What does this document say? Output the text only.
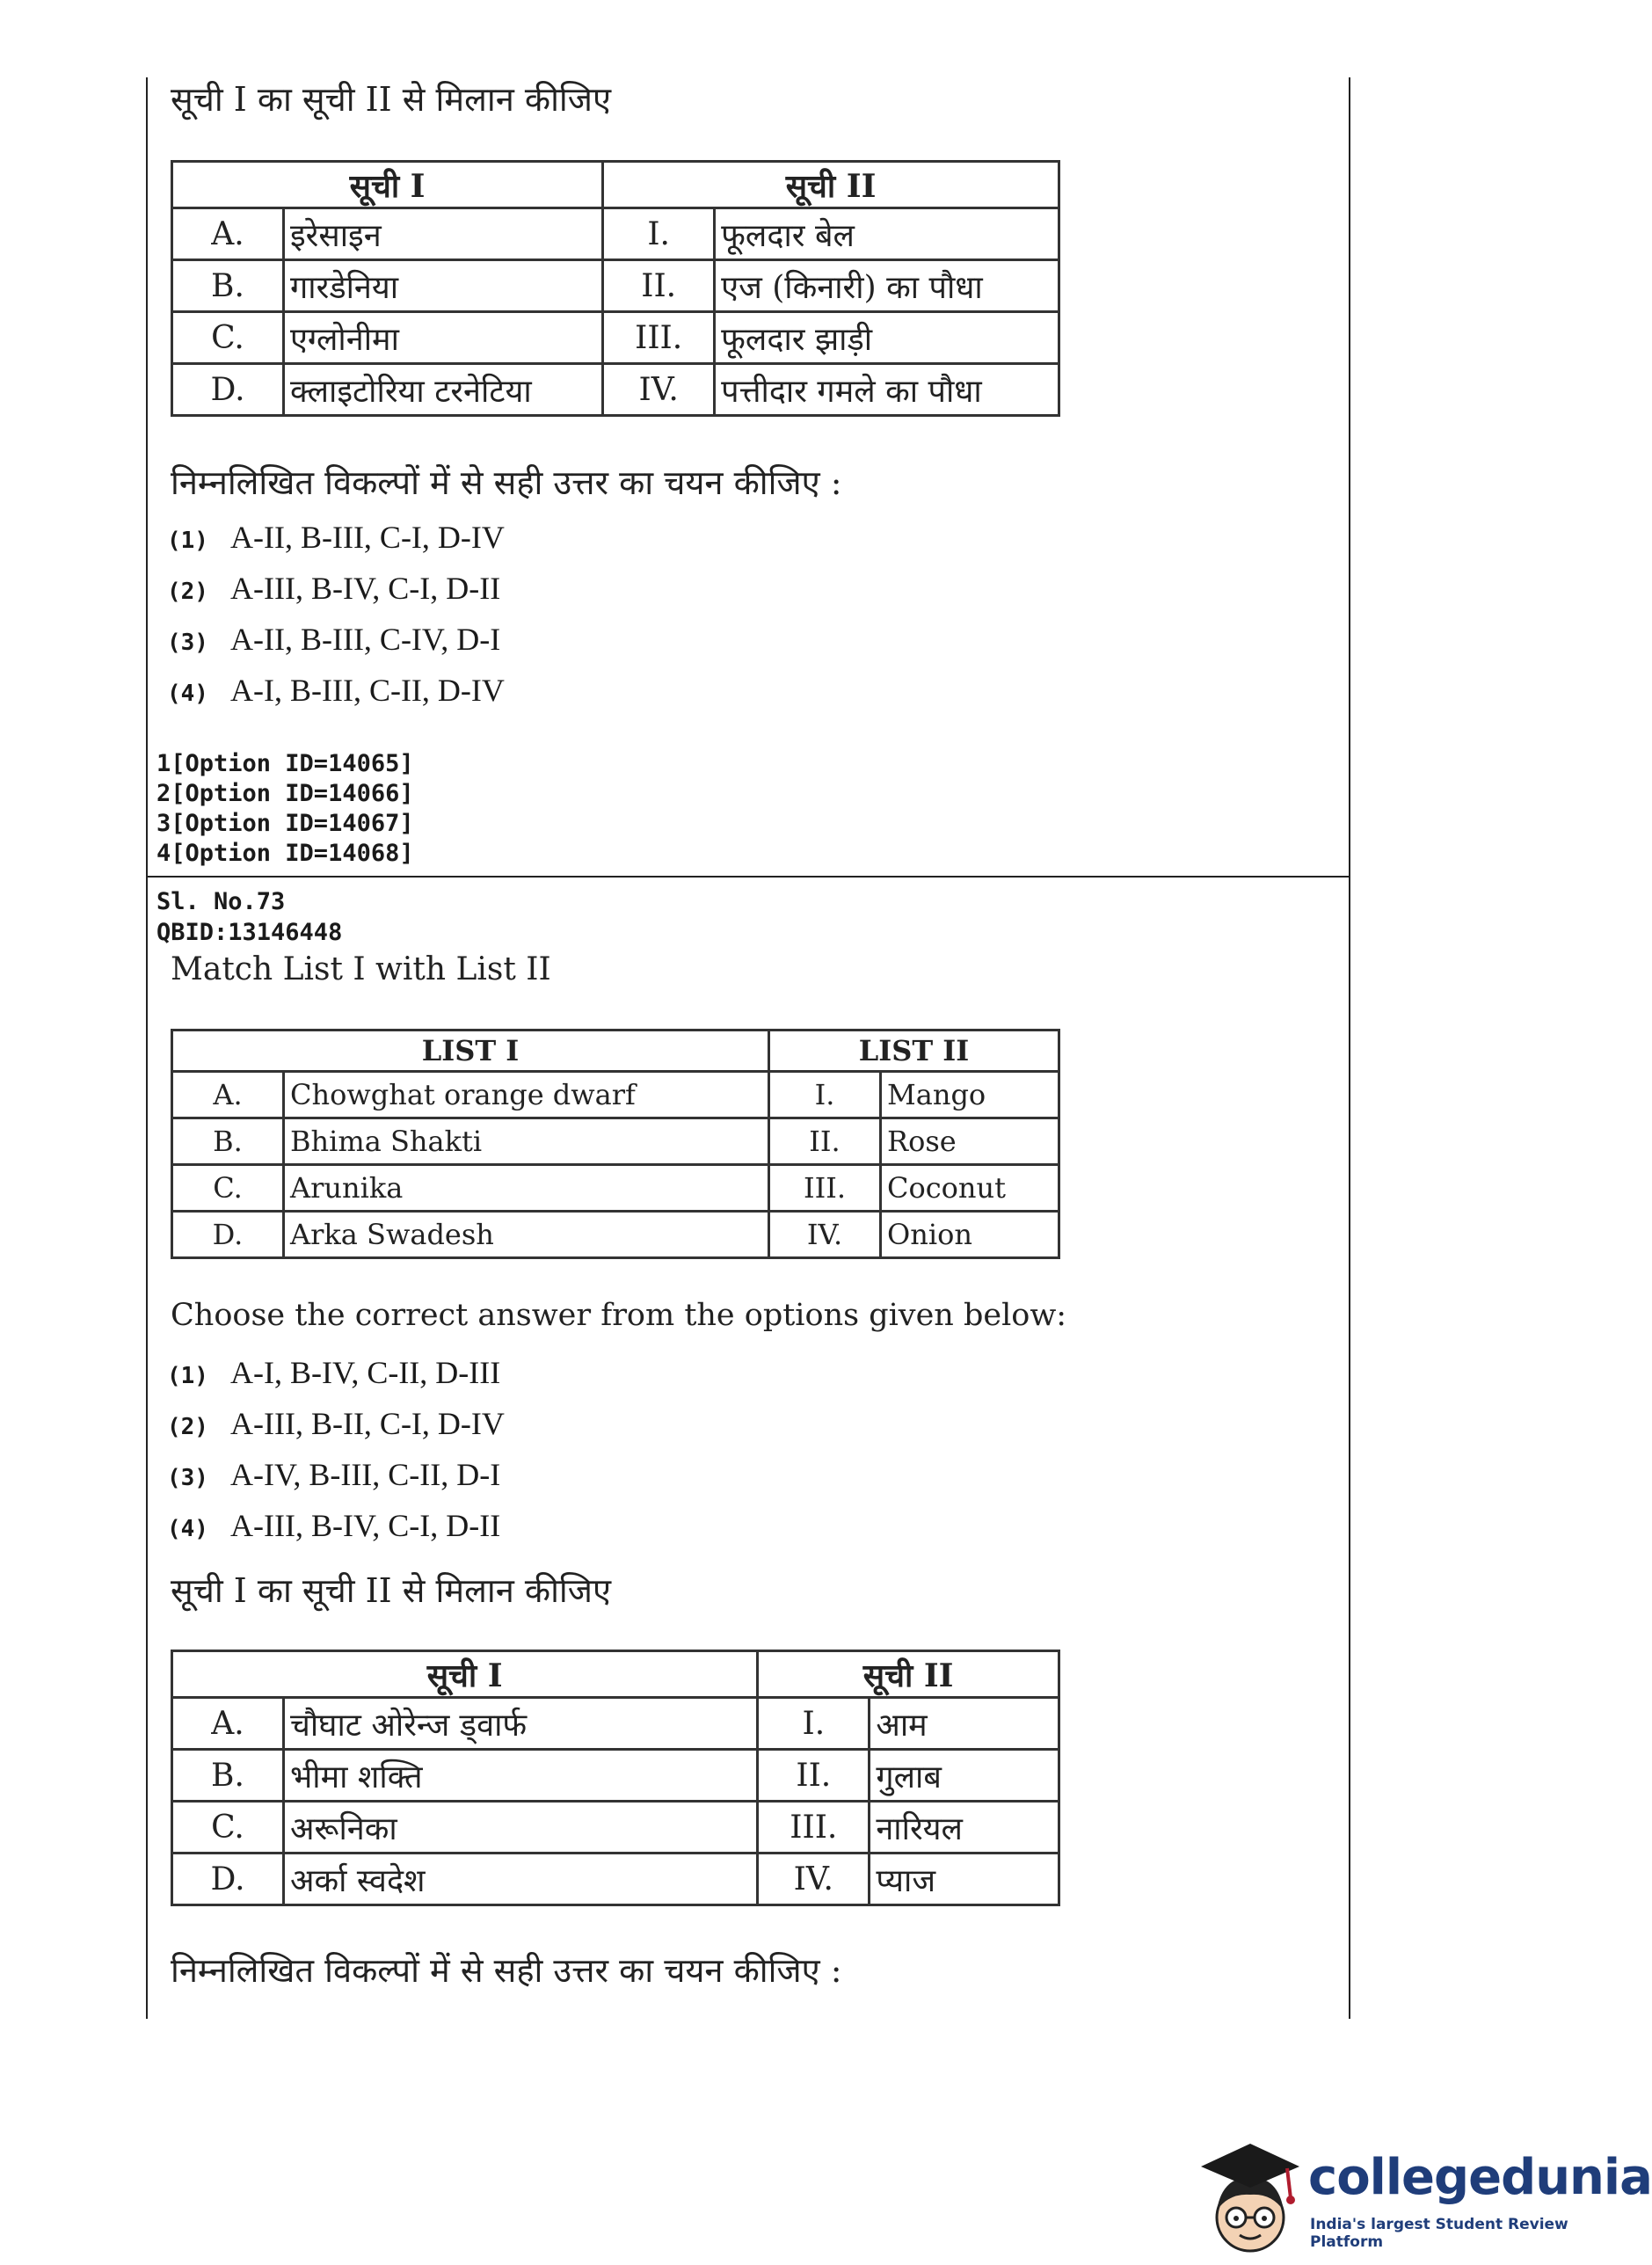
सूची I का सूची II से मिलान कीजिए
सूची I		सूची II	
A.	इरेसाइन	I.	फूलदार बेल
B.	गारडेनिया	II.	एज (किनारी) का पौधा
C.	एग्लोनीमा	III.	फूलदार झाड़ी
D.	क्लाइटोरिया टरनेटिया	IV.	पत्तीदार गमले का पौधा
निम्नलिखित विकल्पों में से सही उत्तर का चयन कीजिए :
(1) A-II, B-III, C-I, D-IV
(2) A-III, B-IV, C-I, D-II
(3) A-II, B-III, C-IV, D-I
(4) A-I, B-III, C-II, D-IV
1[Option ID=14065]
2[Option ID=14066]
3[Option ID=14067]
4[Option ID=14068]
Sl. No.73
QBID:13146448
Match List I with List II
LIST I		LIST II	
A.	Chowghat orange dwarf	I.	Mango
B.	Bhima Shakti	II.	Rose
C.	Arunika	III.	Coconut
D.	Arka Swadesh	IV.	Onion
Choose the correct answer from the options given below:
(1) A-I, B-IV, C-II, D-III
(2) A-III, B-II, C-I, D-IV
(3) A-IV, B-III, C-II, D-I
(4) A-III, B-IV, C-I, D-II
सूची I का सूची II से मिलान कीजिए
सूची I		सूची II	
A.	चौघाट ओरेन्ज ड्वार्फ	I.	आम
B.	भीमा शक्ति	II.	गुलाब
C.	अरूनिका	III.	नारियल
D.	अर्का स्वदेश	IV.	प्याज
निम्नलिखित विकल्पों में से सही उत्तर का चयन कीजिए :
collegedunia
India's largest Student Review Platform
